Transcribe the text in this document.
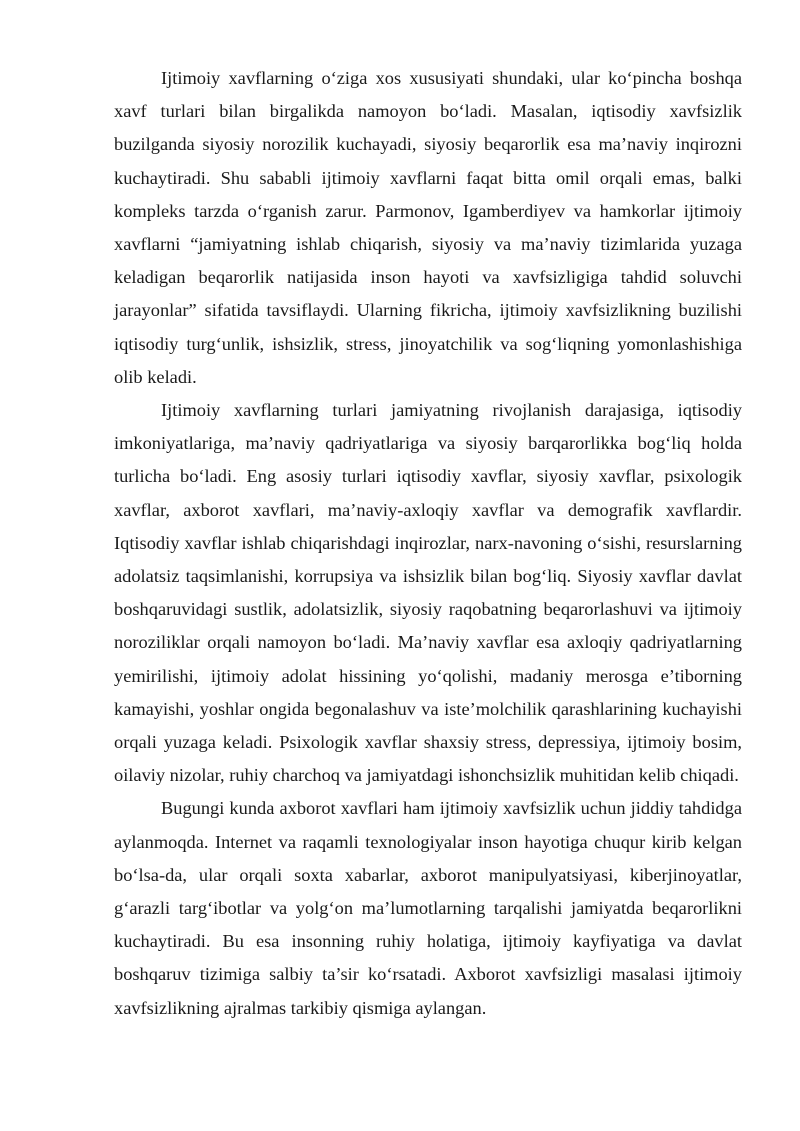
Ijtimoiy xavflarning o‘ziga xos xususiyati shundaki, ular ko‘pincha boshqa xavf turlari bilan birgalikda namoyon bo‘ladi. Masalan, iqtisodiy xavfsizlik buzilganda siyosiy norozilik kuchayadi, siyosiy beqarorlik esa ma’naviy inqirozni kuchaytiradi. Shu sababli ijtimoiy xavflarni faqat bitta omil orqali emas, balki kompleks tarzda o‘rganish zarur. Parmonov, Igamberdiyev va hamkorlar ijtimoiy xavflarni “jamiyatning ishlab chiqarish, siyosiy va ma’naviy tizimlarida yuzaga keladigan beqarorlik natijasida inson hayoti va xavfsizligiga tahdid soluvchi jarayonlar” sifatida tavsiflaydi. Ularning fikricha, ijtimoiy xavfsizlikning buzilishi iqtisodiy turg‘unlik, ishsizlik, stress, jinoyatchilik va sog‘liqning yomonlashishiga olib keladi.

Ijtimoiy xavflarning turlari jamiyatning rivojlanish darajasiga, iqtisodiy imkoniyatlariga, ma’naviy qadriyatlariga va siyosiy barqarorlikka bog‘liq holda turlicha bo‘ladi. Eng asosiy turlari iqtisodiy xavflar, siyosiy xavflar, psixologik xavflar, axborot xavflari, ma’naviy-axloqiy xavflar va demografik xavflardir. Iqtisodiy xavflar ishlab chiqarishdagi inqirozlar, narx-navoning o‘sishi, resurslarning adolatsiz taqsimlanishi, korrupsiya va ishsizlik bilan bog‘liq. Siyosiy xavflar davlat boshqaruvidagi sustlik, adolatsizlik, siyosiy raqobatning beqarorlashuvi va ijtimoiy noroziliklar orqali namoyon bo‘ladi. Ma’naviy xavflar esa axloqiy qadriyatlarning yemirilishi, ijtimoiy adolat hissining yo‘qolishi, madaniy merosga e’tiborning kamayishi, yoshlar ongida begonalashuv va iste’molchilik qarashlarining kuchayishi orqali yuzaga keladi. Psixologik xavflar shaxsiy stress, depressiya, ijtimoiy bosim, oilaviy nizolar, ruhiy charchoq va jamiyatdagi ishonchsizlik muhitidan kelib chiqadi.

Bugungi kunda axborot xavflari ham ijtimoiy xavfsizlik uchun jiddiy tahdidga aylanmoqda. Internet va raqamli texnologiyalar inson hayotiga chuqur kirib kelgan bo‘lsa-da, ular orqali soxta xabarlar, axborot manipulyatsiyasi, kiberjinoyatlar, g‘arazli targ‘ibotlar va yolg‘on ma’lumotlarning tarqalishi jamiyatda beqarorlikni kuchaytiradi. Bu esa insonning ruhiy holatiga, ijtimoiy kayfiyatiga va davlat boshqaruv tizimiga salbiy ta’sir ko‘rsatadi. Axborot xavfsizligi masalasi ijtimoiy xavfsizlikning ajralmas tarkibiy qismiga aylangan.
